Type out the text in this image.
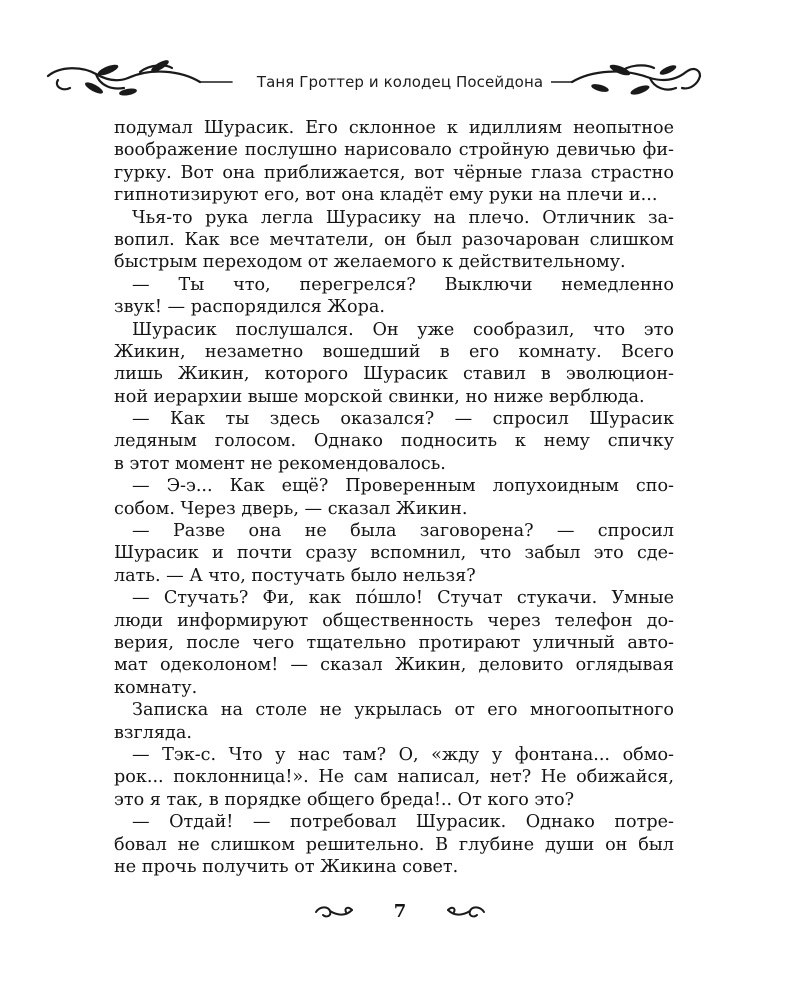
Таня Гроттер и колодец Посейдона
подумал Шурасик. Его склонное к идиллиям неопытное
воображение послушно нарисовало стройную девичью фи-
гурку. Вот она приближается, вот чёрные глаза страстно
гипнотизируют его, вот она кладёт ему руки на плечи и...
Чья-то рука легла Шурасику на плечо. Отличник за-
вопил. Как все мечтатели, он был разочарован слишком
быстрым переходом от желаемого к действительному.
— Ты что, перегрелся? Выключи немедленно
звук! — распорядился Жора.
Шурасик послушался. Он уже сообразил, что это
Жикин, незаметно вошедший в его комнату. Всего
лишь Жикин, которого Шурасик ставил в эволюцион-
ной иерархии выше морской свинки, но ниже верблюда.
— Как ты здесь оказался? — спросил Шурасик
ледяным голосом. Однако подносить к нему спичку
в этот момент не рекомендовалось.
— Э-э... Как ещё? Проверенным лопухоидным спо-
собом. Через дверь, — сказал Жикин.
— Разве она не была заговорена? — спросил
Шурасик и почти сразу вспомнил, что забыл это сде-
лать. — А что, постучать было нельзя?
— Стучать? Фи, как по́шло! Стучат стукачи. Умные
люди информируют общественность через телефон до-
верия, после чего тщательно протирают уличный авто-
мат одеколоном! — сказал Жикин, деловито оглядывая
комнату.
Записка на столе не укрылась от его многоопытного
взгляда.
— Тэк-с. Что у нас там? О, «жду у фонтана... обмо-
рок... поклонница!». Не сам написал, нет? Не обижайся,
это я так, в порядке общего бреда!.. От кого это?
— Отдай! — потребовал Шурасик. Однако потре-
бовал не слишком решительно. В глубине души он был
не прочь получить от Жикина совет.
7
